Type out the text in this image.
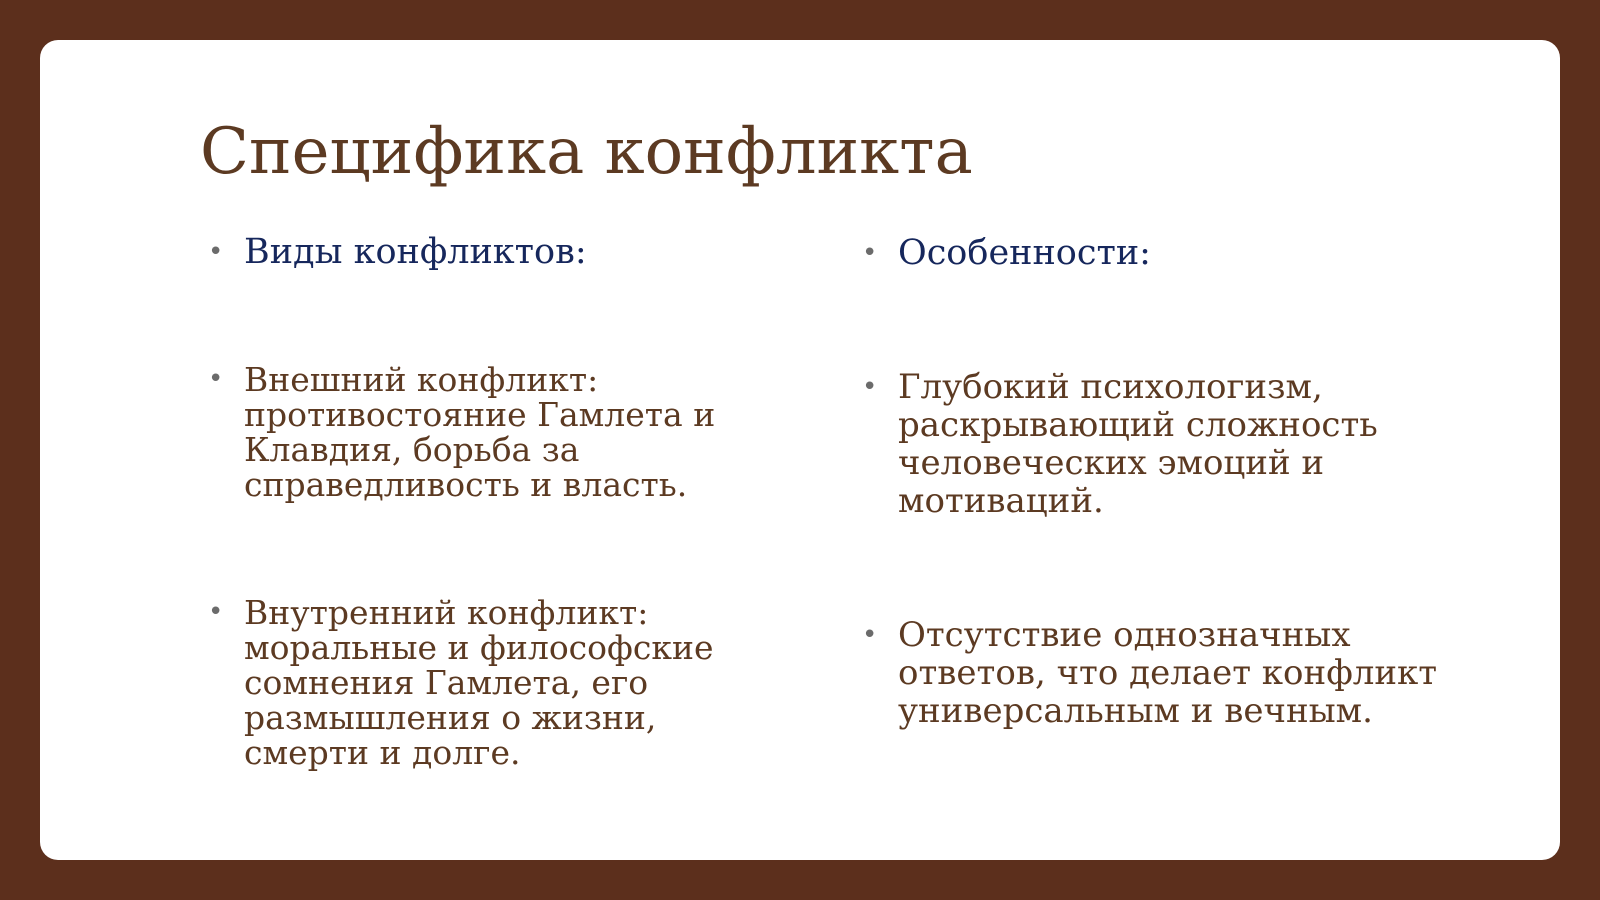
Специфика конфликта
• Виды конфликтов:
• Внешний конфликт: противостояние Гамлета и Клавдия, борьба за справедливость и власть.
• Внутренний конфликт: моральные и философские сомнения Гамлета, его размышления о жизни, смерти и долге.
• Особенности:
• Глубокий психологизм, раскрывающий сложность человеческих эмоций и мотиваций.
• Отсутствие однозначных ответов, что делает конфликт универсальным и вечным.
